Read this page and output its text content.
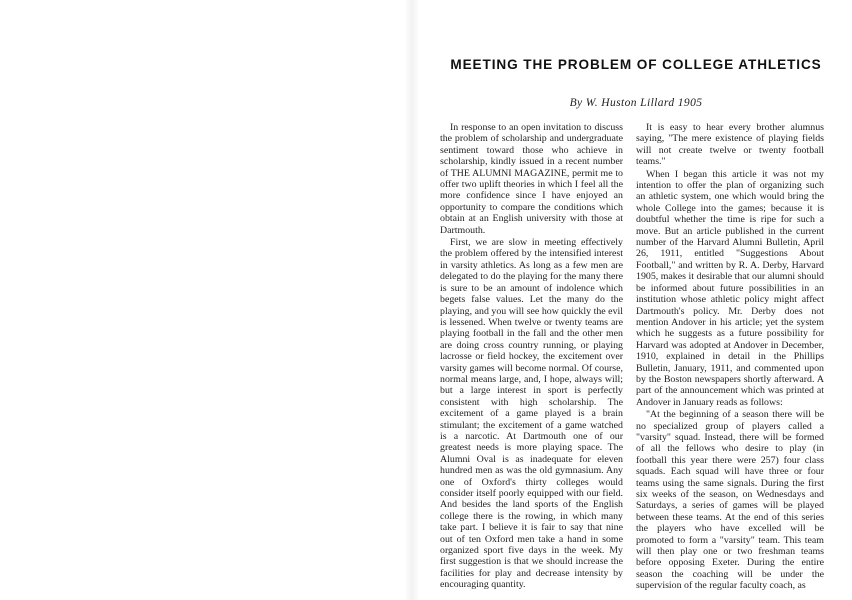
MEETING THE PROBLEM OF COLLEGE ATHLETICS
By W. Huston Lillard 1905

In response to an open invitation to discuss the problem of scholarship and undergraduate sentiment toward those who achieve in scholarship, kindly issued in a recent number of THE ALUMNI MAGAZINE, permit me to offer two uplift theories in which I feel all the more confidence since I have enjoyed an opportunity to compare the conditions which obtain at an English university with those at Dartmouth.

First, we are slow in meeting effectively the problem offered by the intensified interest in varsity athletics. As long as a few men are delegated to do the playing for the many there is sure to be an amount of indolence which begets false values. Let the many do the playing, and you will see how quickly the evil is lessened. When twelve or twenty teams are playing football in the fall and the other men are doing cross country running, or playing lacrosse or field hockey, the excitement over varsity games will become normal. Of course, normal means large, and, I hope, always will; but a large interest in sport is perfectly consistent with high scholarship. The excitement of a game played is a brain stimulant; the excitement of a game watched is a narcotic. At Dartmouth one of our greatest needs is more playing space. The Alumni Oval is as inadequate for eleven hundred men as was the old gymnasium. Any one of Oxford's thirty colleges would consider itself poorly equipped with our field. And besides the land sports of the English college there is the rowing, in which many take part. I believe it is fair to say that nine out of ten Oxford men take a hand in some organized sport five days in the week. My first suggestion is that we should increase the facilities for play and decrease intensity by encouraging quantity.

It is easy to hear every brother alumnus saying, "The mere existence of playing fields will not create twelve or twenty football teams."

When I began this article it was not my intention to offer the plan of organizing such an athletic system, one which would bring the whole College into the games; because it is doubtful whether the time is ripe for such a move. But an article published in the current number of the Harvard Alumni Bulletin, April 26, 1911, entitled "Suggestions About Football," and written by R. A. Derby, Harvard 1905, makes it desirable that our alumni should be informed about future possibilities in an institution whose athletic policy might affect Dartmouth's policy. Mr. Derby does not mention Andover in his article; yet the system which he suggests as a future possibility for Harvard was adopted at Andover in December, 1910, explained in detail in the Phillips Bulletin, January, 1911, and commented upon by the Boston newspapers shortly afterward. A part of the announcement which was printed at Andover in January reads as follows:

"At the beginning of a season there will be no specialized group of players called a "varsity" squad. Instead, there will be formed of all the fellows who desire to play (in football this year there were 257) four class squads. Each squad will have three or four teams using the same signals. During the first six weeks of the season, on Wednesdays and Saturdays, a series of games will be played between these teams. At the end of this series the players who have excelled will be promoted to form a "varsity" team. This team will then play one or two freshman teams before opposing Exeter. During the entire season the coaching will be under the supervision of the regular faculty coach, as
